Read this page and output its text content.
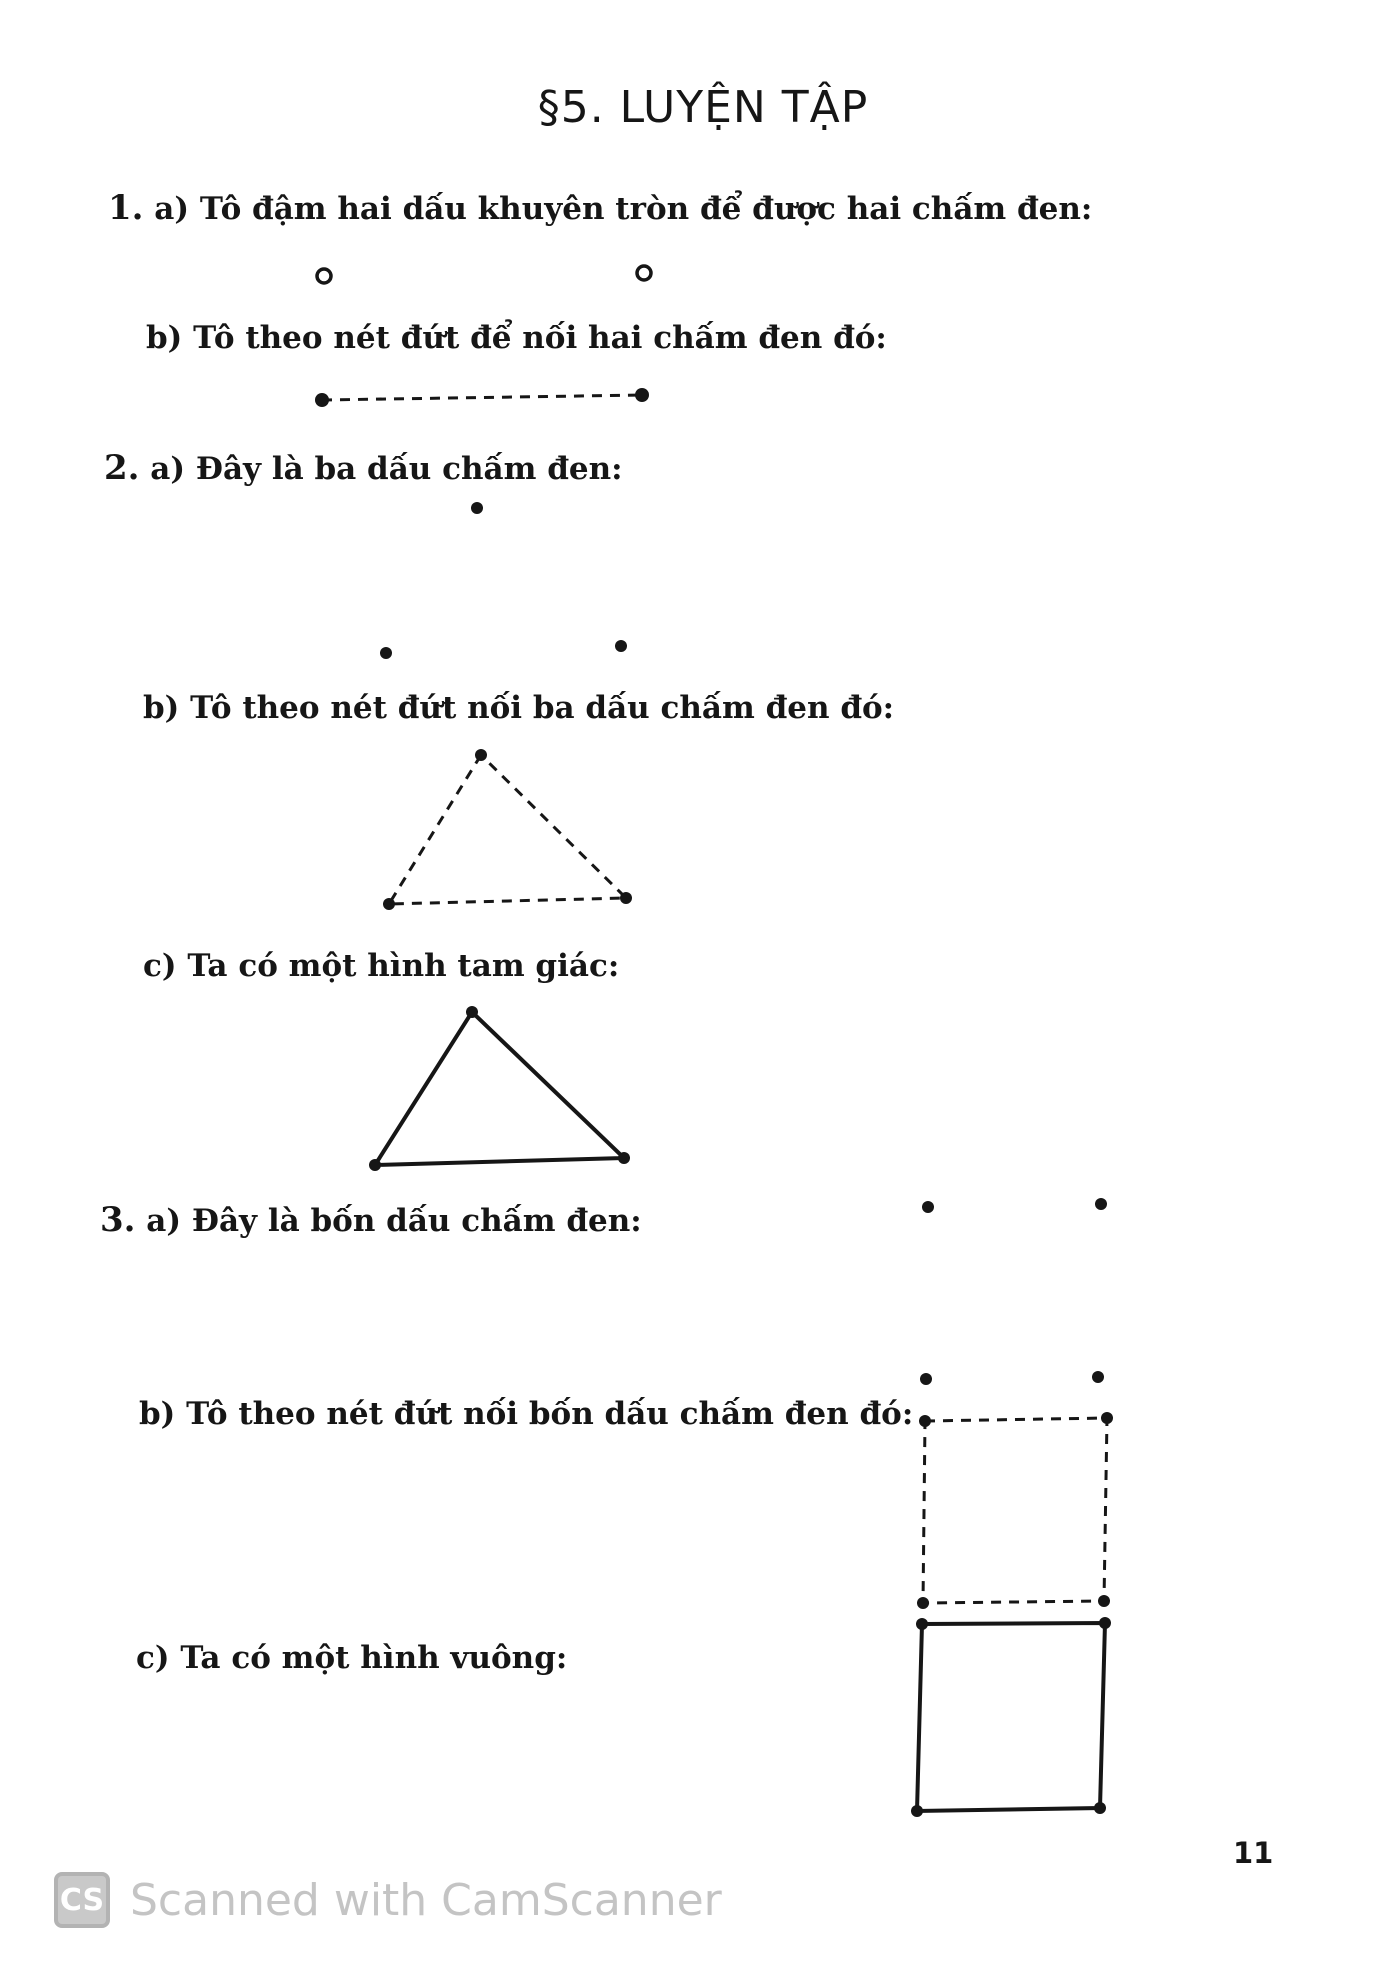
§5. LUYỆN TẬP
1. a) Tô đậm hai dấu khuyên tròn để được hai chấm đen:
b) Tô theo nét đứt để nối hai chấm đen đó:
2. a) Đây là ba dấu chấm đen:
b) Tô theo nét đứt nối ba dấu chấm đen đó:
c) Ta có một hình tam giác:
3. a) Đây là bốn dấu chấm đen:
b) Tô theo nét đứt nối bốn dấu chấm đen đó:
c) Ta có một hình vuông:
11
CS Scanned with CamScanner
